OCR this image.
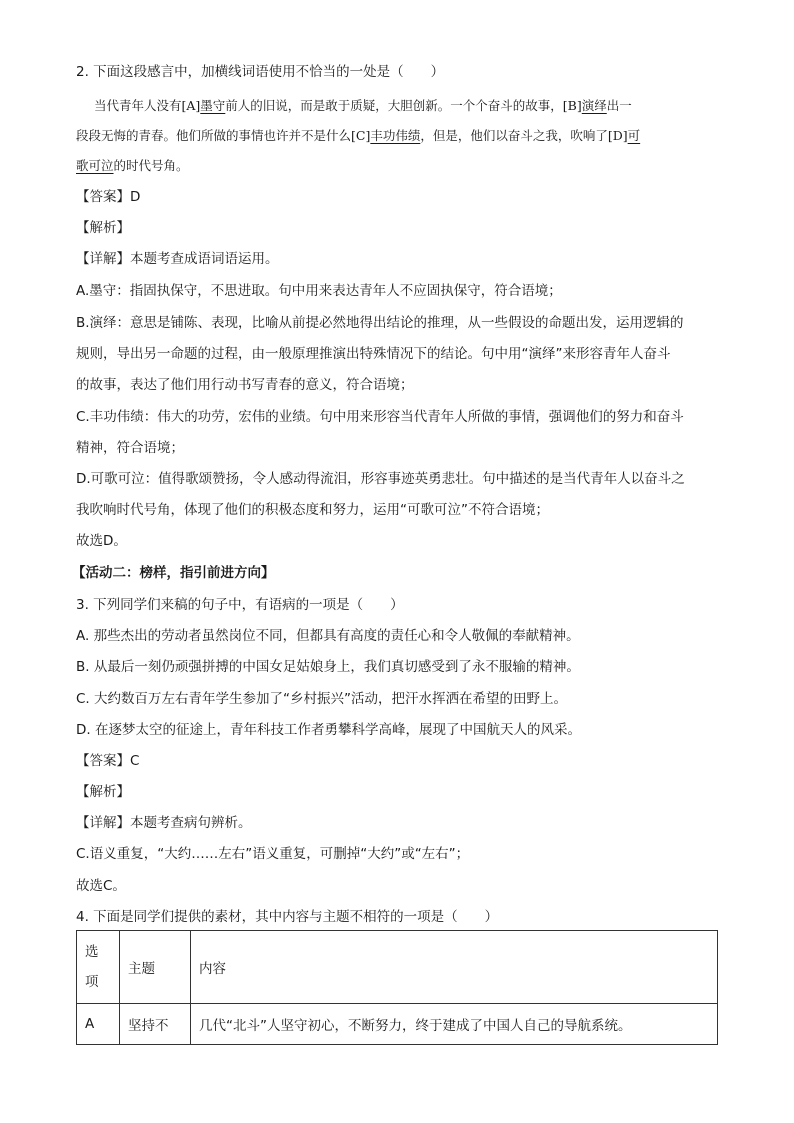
2. 下面这段感言中，加横线词语使用不恰当的一处是（　　）
当代青年人没有[A]墨守前人的旧说，而是敢于质疑，大胆创新。一个个奋斗的故事，[B]演绎出一
段段无悔的青春。他们所做的事情也许并不是什么[C]丰功伟绩，但是，他们以奋斗之我，吹响了[D]可
歌可泣的时代号角。
【答案】D
【解析】
【详解】本题考查成语词语运用。
A.墨守：指固执保守，不思进取。句中用来表达青年人不应固执保守，符合语境；
B.演绎：意思是铺陈、表现，比喻从前提必然地得出结论的推理，从一些假设的命题出发，运用逻辑的
规则，导出另一命题的过程，由一般原理推演出特殊情况下的结论。句中用“演绎”来形容青年人奋斗
的故事，表达了他们用行动书写青春的意义，符合语境；
C.丰功伟绩：伟大的功劳，宏伟的业绩。句中用来形容当代青年人所做的事情，强调他们的努力和奋斗
精神，符合语境；
D.可歌可泣：值得歌颂赞扬，令人感动得流泪，形容事迹英勇悲壮。句中描述的是当代青年人以奋斗之
我吹响时代号角，体现了他们的积极态度和努力，运用“可歌可泣”不符合语境；
故选D。
【活动二：榜样，指引前进方向】
3. 下列同学们来稿的句子中，有语病的一项是（　　）
A. 那些杰出的劳动者虽然岗位不同，但都具有高度的责任心和令人敬佩的奉献精神。
B. 从最后一刻仍顽强拼搏的中国女足姑娘身上，我们真切感受到了永不服输的精神。
C. 大约数百万左右青年学生参加了“乡村振兴”活动，把汗水挥洒在希望的田野上。
D. 在逐梦太空的征途上，青年科技工作者勇攀科学高峰，展现了中国航天人的风采。
【答案】C
【解析】
【详解】本题考查病句辨析。
C.语义重复，“大约……左右”语义重复，可删掉“大约”或“左右”；
故选C。
4. 下面是同学们提供的素材，其中内容与主题不相符的一项是（　　）
选
项	主题	内容
A	坚持不	几代“北斗”人坚守初心，不断努力，终于建成了中国人自己的导航系统。
